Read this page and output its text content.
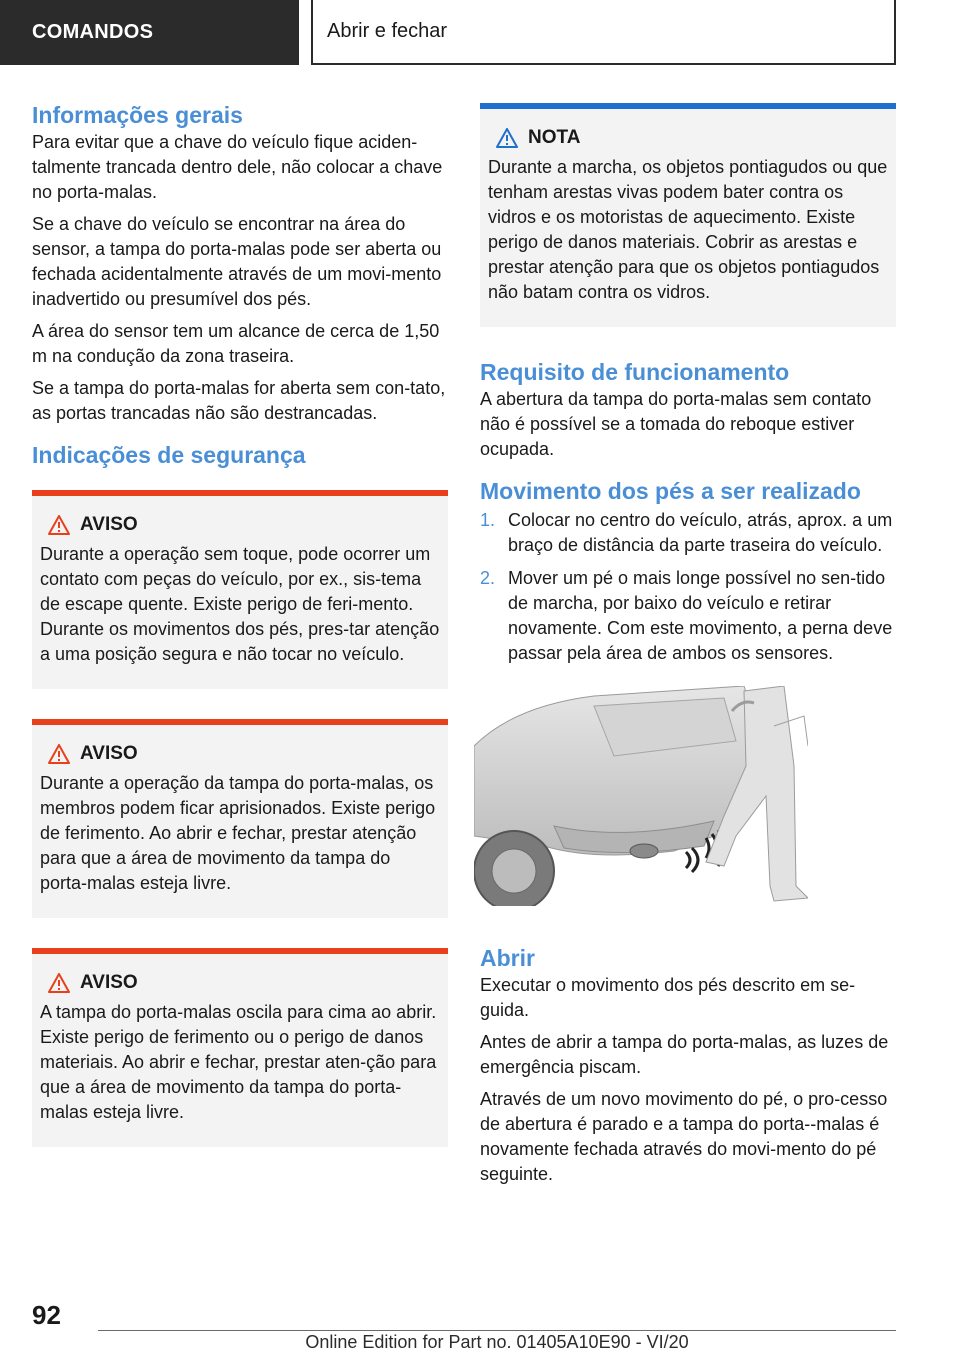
COMANDOS	Abrir e fechar
Informações gerais

Para evitar que a chave do veículo fique aciden-talmente trancada dentro dele, não colocar a chave no porta-malas.

Se a chave do veículo se encontrar na área do sensor, a tampa do porta-malas pode ser aberta ou fechada acidentalmente através de um movi-mento inadvertido ou presumível dos pés.

A área do sensor tem um alcance de cerca de 1,50 m na condução da zona traseira.

Se a tampa do porta-malas for aberta sem con-tato, as portas trancadas não são destrancadas.

Indicações de segurança
AVISO

Durante a operação sem toque, pode ocorrer um contato com peças do veículo, por ex., sis-tema de escape quente. Existe perigo de feri-mento. Durante os movimentos dos pés, pres-tar atenção a uma posição segura e não tocar no veículo.

AVISO

Durante a operação da tampa do porta-malas, os membros podem ficar aprisionados. Existe perigo de ferimento. Ao abrir e fechar, prestar atenção para que a área de movimento da tampa do porta-malas esteja livre.

AVISO

A tampa do porta-malas oscila para cima ao abrir. Existe perigo de ferimento ou o perigo de danos materiais. Ao abrir e fechar, prestar aten-ção para que a área de movimento da tampa do porta-malas esteja livre.

NOTA

Durante a marcha, os objetos pontiagudos ou que tenham arestas vivas podem bater contra os vidros e os motoristas de aquecimento. Existe perigo de danos materiais. Cobrir as arestas e prestar atenção para que os objetos pontiagudos não batam contra os vidros.

Requisito de funcionamento

A abertura da tampa do porta-malas sem contato não é possível se a tomada do reboque estiver ocupada.

Movimento dos pés a ser realizado
1. Colocar no centro do veículo, atrás, aprox. a um braço de distância da parte traseira do veículo.
2. Mover um pé o mais longe possível no sen-tido de marcha, por baixo do veículo e retirar novamente. Com este movimento, a perna deve passar pela área de ambos os sensores.
Abrir

Executar o movimento dos pés descrito em se-guida.

Antes de abrir a tampa do porta-malas, as luzes de emergência piscam.

Através de um novo movimento do pé, o pro-cesso de abertura é parado e a tampa do porta--malas é novamente fechada através do movi-mento do pé seguinte.

92
Online Edition for Part no. 01405A10E90 - VI/20
